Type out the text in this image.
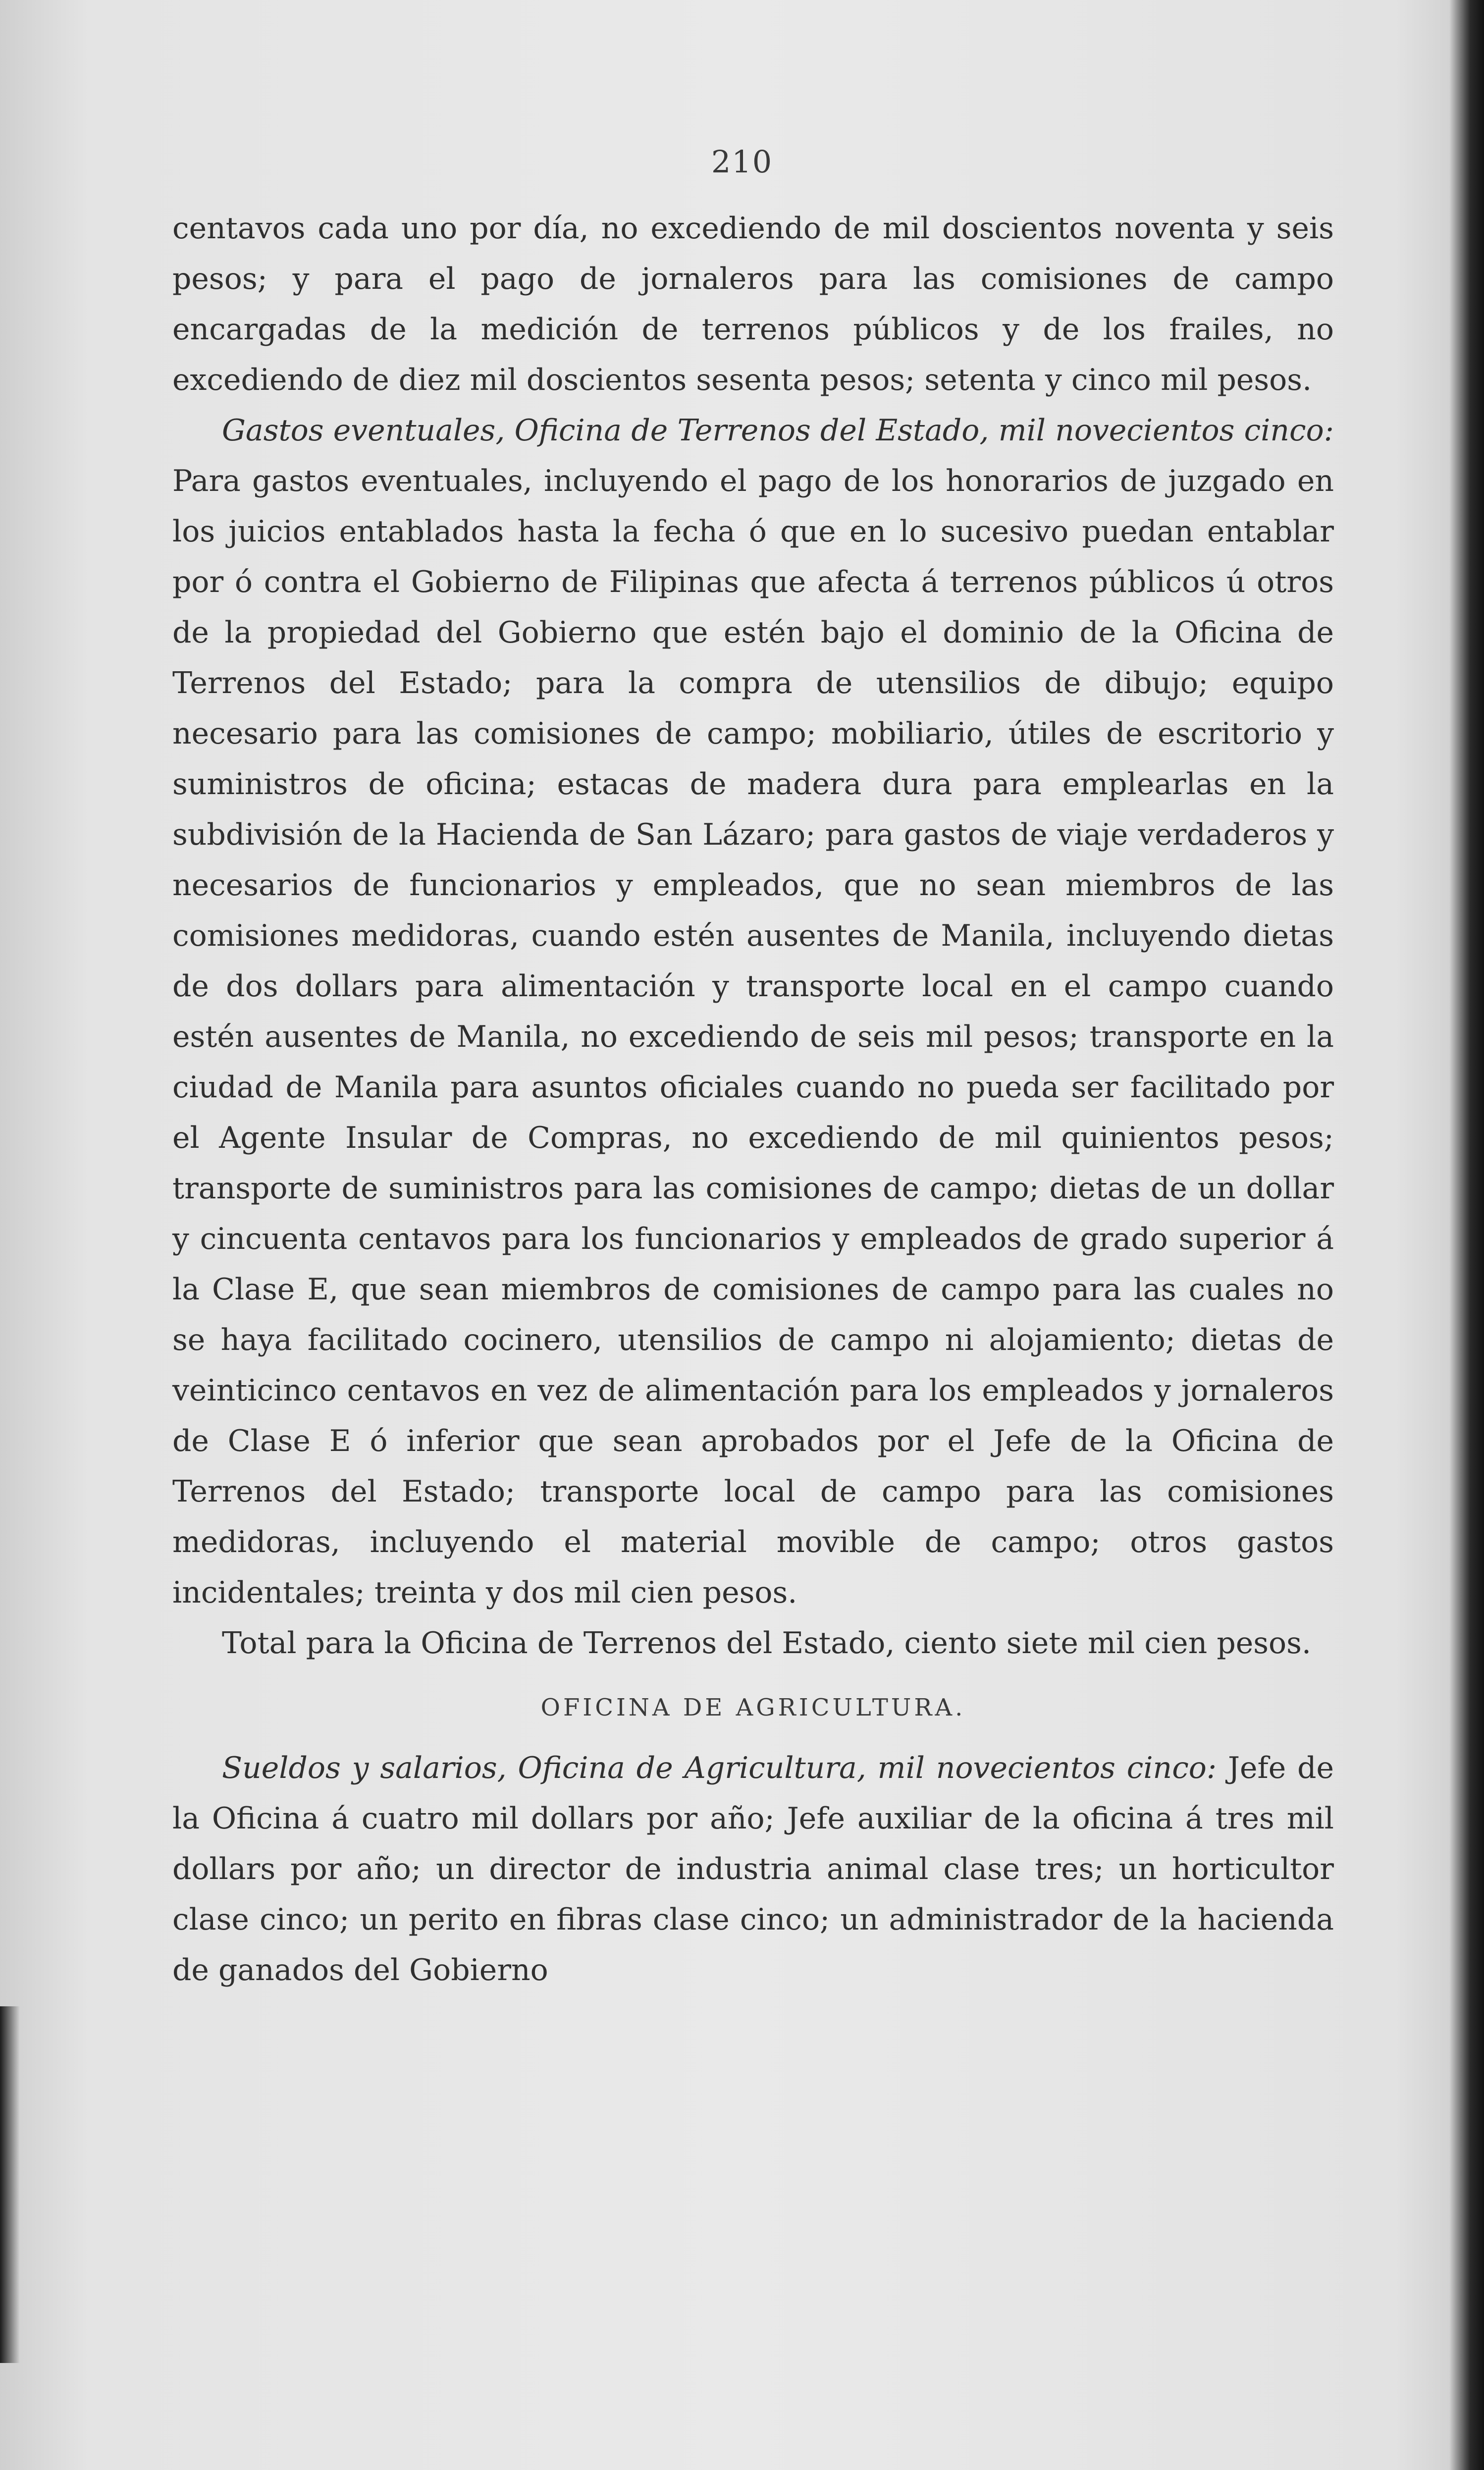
210

centavos cada uno por día, no excediendo de mil doscientos noventa y seis pesos; y para el pago de jornaleros para las comisiones de campo encargadas de la medición de terrenos públicos y de los frailes, no excediendo de diez mil doscientos sesenta pesos; setenta y cinco mil pesos.

Gastos eventuales, Oficina de Terrenos del Estado, mil novecientos cinco: Para gastos eventuales, incluyendo el pago de los honorarios de juzgado en los juicios entablados hasta la fecha ó que en lo sucesivo puedan entablar por ó contra el Gobierno de Filipinas que afecta á terrenos públicos ú otros de la propiedad del Gobierno que estén bajo el dominio de la Oficina de Terrenos del Estado; para la compra de utensilios de dibujo; equipo necesario para las comisiones de campo; mobiliario, útiles de escritorio y suministros de oficina; estacas de madera dura para emplearlas en la subdivisión de la Hacienda de San Lázaro; para gastos de viaje verdaderos y necesarios de funcionarios y empleados, que no sean miembros de las comisiones medidoras, cuando estén ausentes de Manila, incluyendo dietas de dos dollars para alimentación y transporte local en el campo cuando estén ausentes de Manila, no excediendo de seis mil pesos; transporte en la ciudad de Manila para asuntos oficiales cuando no pueda ser facilitado por el Agente Insular de Compras, no excediendo de mil quinientos pesos; transporte de suministros para las comisiones de campo; dietas de un dollar y cincuenta centavos para los funcionarios y empleados de grado superior á la Clase E, que sean miembros de comisiones de campo para las cuales no se haya facilitado cocinero, utensilios de campo ni alojamiento; dietas de veinticinco centavos en vez de alimentación para los empleados y jornaleros de Clase E ó inferior que sean aprobados por el Jefe de la Oficina de Terrenos del Estado; transporte local de campo para las comisiones medidoras, incluyendo el material movible de campo; otros gastos incidentales; treinta y dos mil cien pesos.

Total para la Oficina de Terrenos del Estado, ciento siete mil cien pesos.

OFICINA DE AGRICULTURA.

Sueldos y salarios, Oficina de Agricultura, mil novecientos cinco: Jefe de la Oficina á cuatro mil dollars por año; Jefe auxiliar de la oficina á tres mil dollars por año; un director de industria animal clase tres; un horticultor clase cinco; un perito en fibras clase cinco; un administrador de la hacienda de ganados del Gobierno
